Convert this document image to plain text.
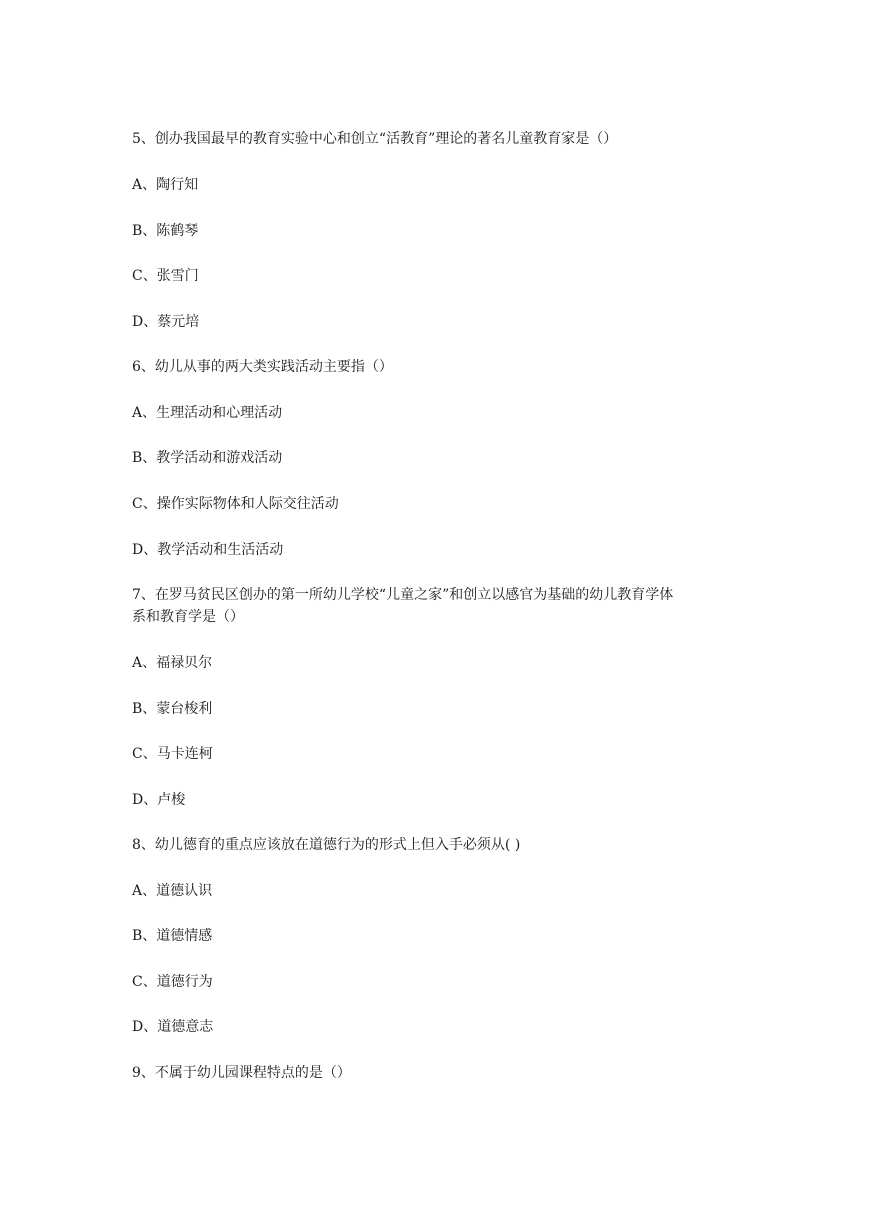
5、创办我国最早的教育实验中心和创立“活教育”理论的著名儿童教育家是（）
A、陶行知
B、陈鹤琴
C、张雪门
D、蔡元培
6、幼儿从事的两大类实践活动主要指（）
A、生理活动和心理活动
B、教学活动和游戏活动
C、操作实际物体和人际交往活动
D、教学活动和生活活动
7、在罗马贫民区创办的第一所幼儿学校“儿童之家”和创立以感官为基础的幼儿教育学体
系和教育学是（）
A、福禄贝尔
B、蒙台梭利
C、马卡连柯
D、卢梭
8、幼儿德育的重点应该放在道德行为的形式上但入手必须从( )
A、道德认识
B、道德情感
C、道德行为
D、道德意志
9、不属于幼儿园课程特点的是（）
